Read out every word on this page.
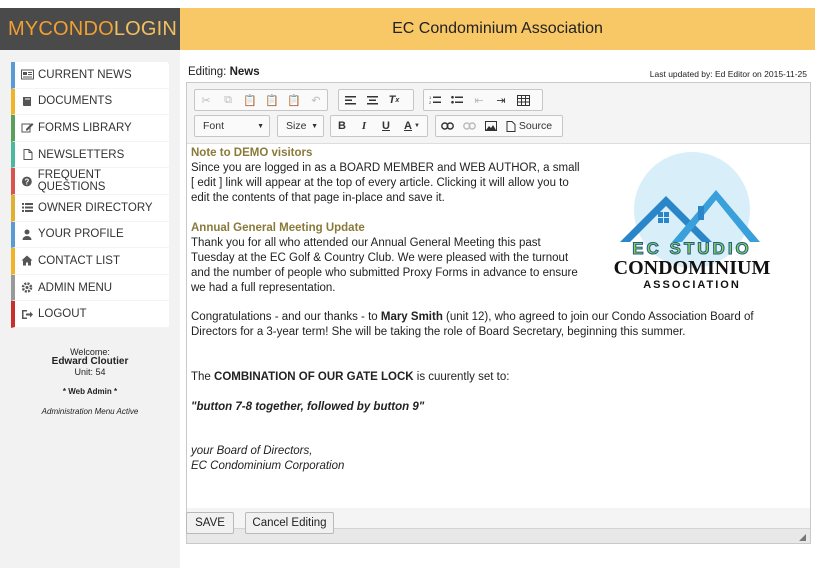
MYCONDO LOGIN	EC Condominium Association
CURRENT NEWS
DOCUMENTS
FORMS LIBRARY
NEWSLETTERS
?
FREQUENT QUESTIONS
OWNER DIRECTORY
YOUR PROFILE
CONTACT LIST
ADMIN MENU
LOGOUT
Welcome:
Edward Cloutier
Unit: 54
* Web Admin *
Administration Menu Active
Editing: News	Last updated by: Ed Editor on 2015-11-25
✂	⧉	📋 📋 📋 ↶	T x	1
2	⇤	⇥
Font	▼ Size ▼	B	I	U	A ▼	Source
Note to DEMO visitors
Since you are logged in as a BOARD MEMBER and WEB AUTHOR, a small
[ edit ] link will appear at the top of every article. Clicking it will allow you to
edit the contents of that page in-place and save it.
Annual General Meeting Update
Thank you for all who attended our Annual General Meeting this past
Tuesday at the EC Golf & Country Club. We were pleased with the turnout
and the number of people who submitted Proxy Forms in advance to ensure
we had a full representation.
Congratulations - and our thanks - to Mary Smith (unit 12), who agreed to join our Condo Association Board of
Directors for a 3-year term! She will be taking the role of Board Secretary, beginning this summer.
The COMBINATION OF OUR GATE LOCK is cuurently set to:
"button 7-8 together, followed by button 9"
your Board of Directors,
EC Condominium Corporation
EC STUDIO
CONDOMINIUM
ASSOCIATION
SAVE	Cancel Editing
